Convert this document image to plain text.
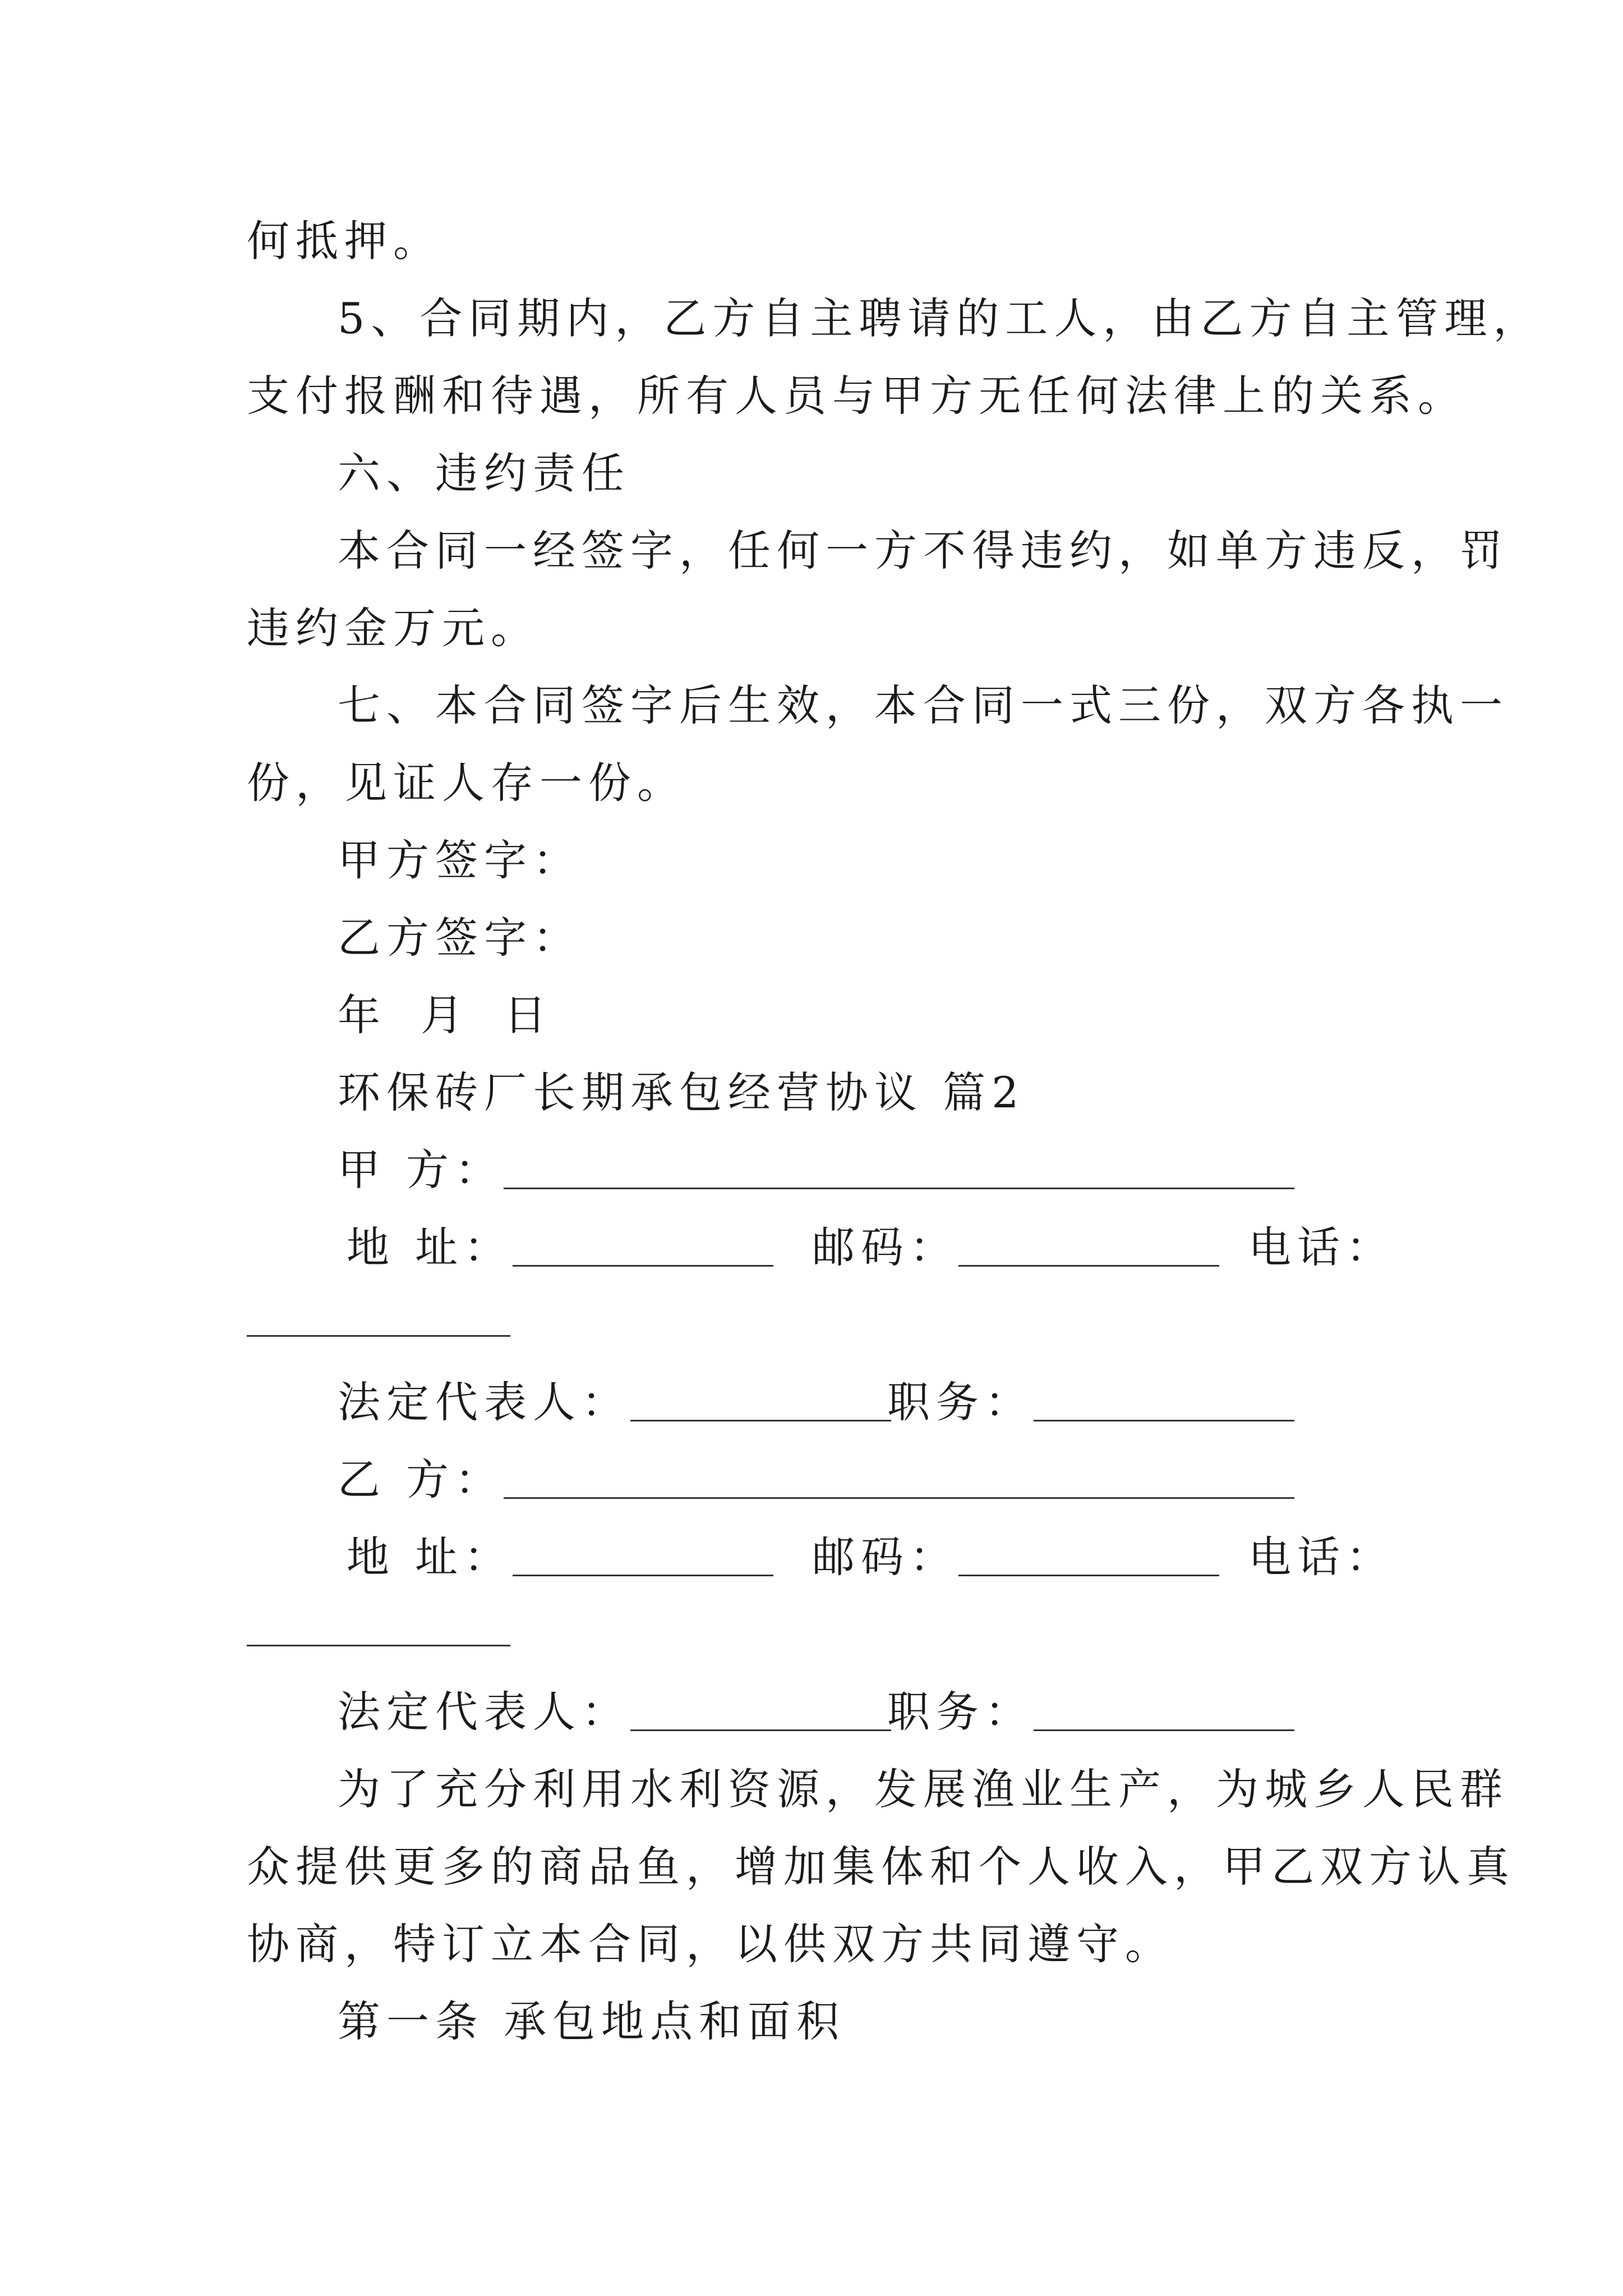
何抵押。
5、合同期内，乙方自主聘请的工人，由乙方自主管理，
支付报酬和待遇，所有人员与甲方无任何法律上的关系。
六、违约责任
本合同一经签字，任何一方不得违约，如单方违反，罚
违约金万元。
七、本合同签字后生效，本合同一式三份，双方各执一
份，见证人存一份。
甲方签字：
乙方签字：
年 月 日
环保砖厂长期承包经营协议 篇2
甲 方：
地 址：	邮码：	电话：
法定代表人：	职务：
乙 方：
地 址：	邮码：	电话：
法定代表人：	职务：
为了充分利用水利资源，发展渔业生产，为城乡人民群
众提供更多的商品鱼，增加集体和个人收入，甲乙双方认真
协商，特订立本合同，以供双方共同遵守。
第一条 承包地点和面积
